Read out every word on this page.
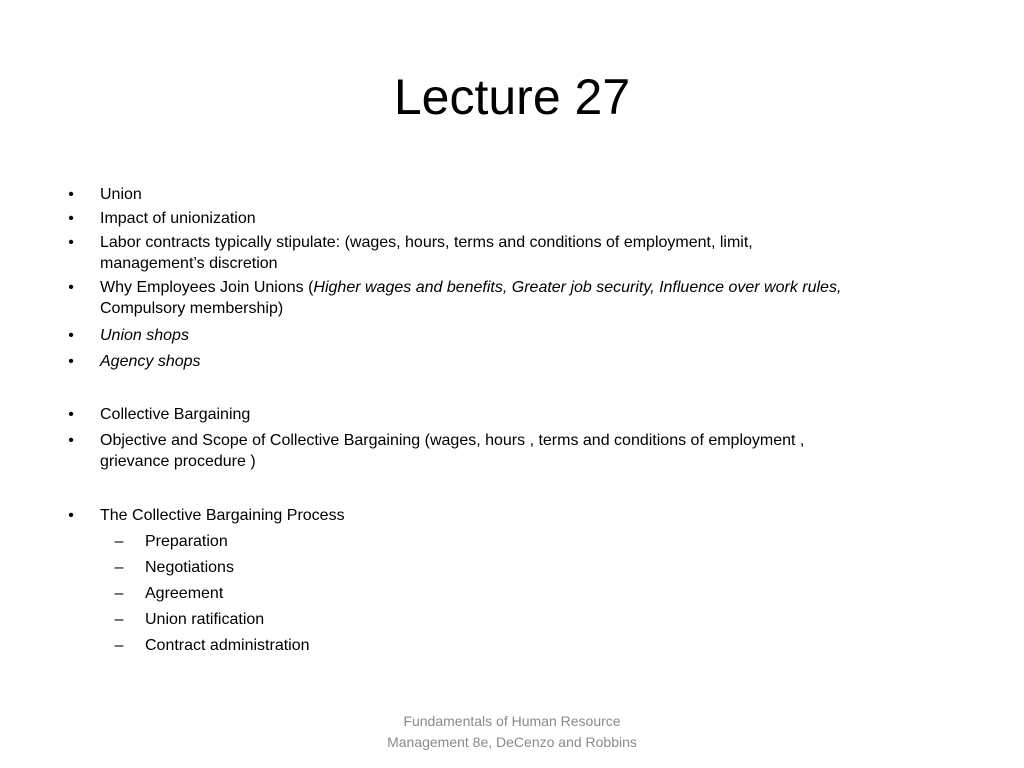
Lecture 27
•	Union
•	Impact of unionization
•	Labor contracts typically stipulate: (wages, hours, terms and conditions of employment, limit,
management’s discretion
•	Why Employees Join Unions (Higher wages and benefits, Greater job security, Influence over work rules,
Compulsory membership)
•	Union shops
•	Agency shops
•	Collective Bargaining
•	Objective and Scope of Collective Bargaining (wages, hours , terms and conditions of employment ,
grievance procedure )
•	The Collective Bargaining Process
–	Preparation
–	Negotiations
–	Agreement
–	Union ratification
–	Contract administration
Fundamentals of Human Resource
Management 8e, DeCenzo and Robbins
